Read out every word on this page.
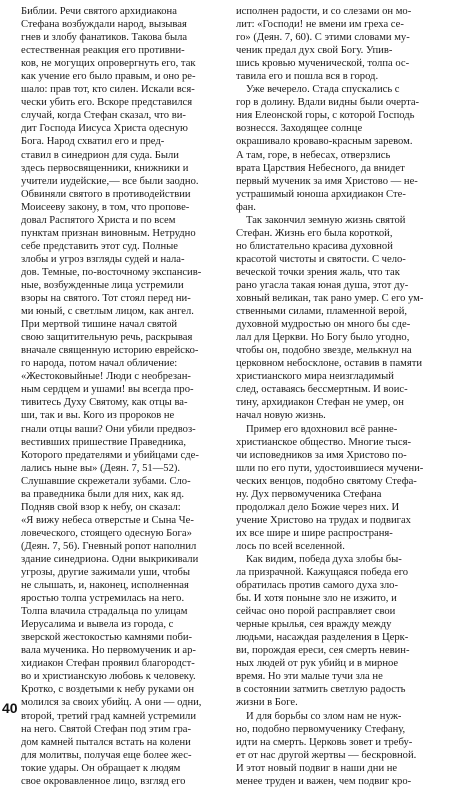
Библии. Речи святого архидиакона
Стефана возбуждали народ, вызывая
гнев и злобу фанатиков. Такова была
естественная реакция его противни-
ков, не могущих опровергнуть его, так
как учение его было правым, и оно ре-
шало: прав тот, кто силен. Искали вся-
чески убить его. Вскоре представился
случай, когда Стефан сказал, что ви-
дит Господа Иисуса Христа одесную
Бога. Народ схватил его и пред-
ставил в синедрион для суда. Были
здесь первосвященники, книжники и
учители иудейские,— все были заодно.
Обвиняли святого в противодействии
Моисееву закону, в том, что пропове-
довал Распятого Христа и по всем
пунктам признан виновным. Нетрудно
себе представить этот суд. Полные
злобы и угроз взгляды судей и нала-
дов. Темные, по-восточному экспансив-
ные, возбужденные лица устремили
взоры на святого. Тот стоял перед ни-
ми юный, с светлым лицом, как ангел.
При мертвой тишине начал святой
свою защитительную речь, раскрывая
вначале священную историю еврейско-
го народа, потом начал обличение:
«Жестоковыйные! Люди с необрезан-
ным сердцем и ушами! вы всегда про-
тивитесь Духу Святому, как отцы ва-
ши, так и вы. Кого из пророков не
гнали отцы ваши? Они убили предвоз-
вестивших пришествие Праведника,
Которого предателями и убийцами сде-
лались ныне вы» (Деян. 7, 51—52).
Слушавшие скрежетали зубами. Сло-
ва праведника были для них, как яд.
Подняв свой взор к небу, он сказал:
«Я вижу небеса отверстые и Сына Че-
ловеческого, стоящего одесную Бога»
(Деян. 7, 56). Гневный ропот наполнил
здание синедриона. Одни выкрикивали
угрозы, другие зажимали уши, чтобы
не слышать, и, наконец, исполненная
яростью толпа устремилась на него.
Толпа влачила страдальца по улицам
Иерусалима и вывела из города, с
зверской жестокостью камнями поби-
вала мученика. Но первомученик и ар-
хидиакон Стефан проявил благородст-
во и христианскую любовь к человеку.
Кротко, с воздетыми к небу руками он
молился за своих убийц. А они — одни,
второй, третий град камней устремили
на него. Святой Стефан под этим гра-
дом камней пытался встать на колени
для молитвы, получая еще более жес-
токие удары. Он обращает к людям
свое окровавленное лицо, взгляд его
исполнен радости, и со слезами он мо-
лит: «Господи! не вмени им греха се-
го» (Деян. 7, 60). С этими словами му-
ченик предал дух свой Богу. Упив-
шись кровью мученической, толпа ос-
тавила его и пошла вся в город.
Уже вечерело. Стада спускались с
гор в долину. Вдали видны были очерта-
ния Елеонской горы, с которой Господь
вознесся. Заходящее солнце
окрашивало кроваво-красным заревом.
А там, горе, в небесах, отверзлись
врата Царствия Небесного, да внидет
первый мученик за имя Христово — не-
устрашимый юноша архидиакон Сте-
фан.
Так закончил земную жизнь святой
Стефан. Жизнь его была короткой,
но блистательно красива духовной
красотой чистоты и святости. С чело-
веческой точки зрения жаль, что так
рано угасла такая юная душа, этот ду-
ховный великан, так рано умер. С его ум-
ственными силами, пламенной верой,
духовной мудростью он много бы сде-
лал для Церкви. Но Богу было угодно,
чтобы он, подобно звезде, мелькнул на
церковном небосклоне, оставив в памяти
христианского мира неизгладимый
след, оставаясь бессмертным. И воис-
тину, архидиакон Стефан не умер, он
начал новую жизнь.
Пример его вдохновил всё ранне-
христианское общество. Многие тыся-
чи исповедников за имя Христово по-
шли по его пути, удостоившиеся мучени-
ческих венцов, подобно святому Стефа-
ну. Дух первомученика Стефана
продолжал дело Божие через них. И
учение Христово на трудах и подвигах
их все шире и шире распространя-
лось по всей вселенной.
Как видим, победа духа злобы бы-
ла призрачной. Кажущаяся победа его
обратилась против самого духа зло-
бы. И хотя поныне зло не изжито, и
сейчас оно порой расправляет свои
черные крылья, сея вражду между
людьми, насаждая разделения в Церк-
ви, порождая ереси, сея смерть невин-
ных людей от рук убийц и в мирное
время. Но эти малые тучи зла не
в состоянии затмить светлую радость
жизни в Боге.
И для борьбы со злом нам не нуж-
но, подобно первомученику Стефану,
идти на смерть. Церковь зовет и требу-
ет от нас другой жертвы — бескровной.
И этот новый подвиг в наши дни не
менее труден и важен, чем подвиг кро-
40
